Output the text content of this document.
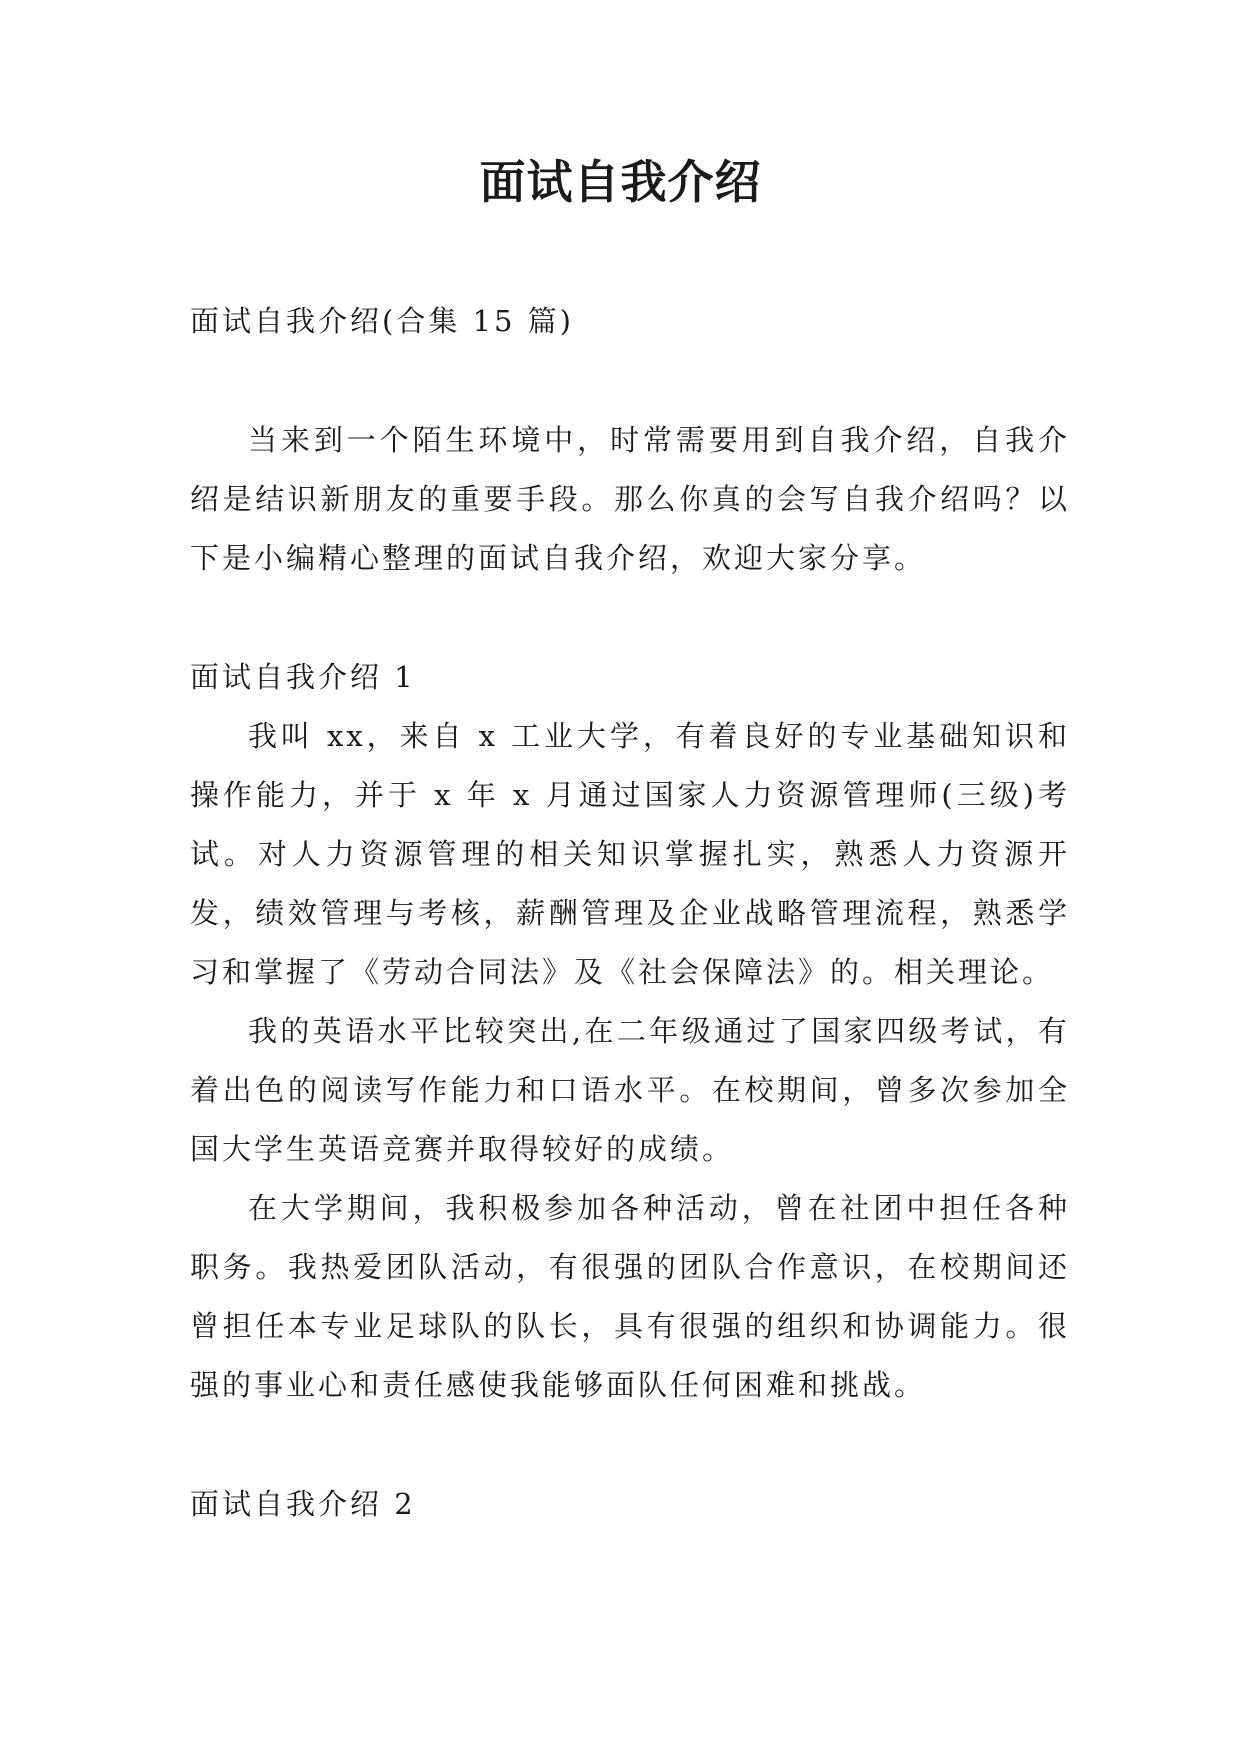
面试自我介绍

面试自我介绍(合集 15 篇)

当来到一个陌生环境中，时常需要用到自我介绍，自我介绍是结识新朋友的重要手段。那么你真的会写自我介绍吗？以下是小编精心整理的面试自我介绍，欢迎大家分享。

面试自我介绍 1

我叫 xx，来自 x 工业大学，有着良好的专业基础知识和操作能力，并于 x 年 x 月通过国家人力资源管理师(三级)考试。对人力资源管理的相关知识掌握扎实，熟悉人力资源开发，绩效管理与考核，薪酬管理及企业战略管理流程，熟悉学习和掌握了《劳动合同法》及《社会保障法》的。相关理论。

我的英语水平比较突出,在二年级通过了国家四级考试，有着出色的阅读写作能力和口语水平。在校期间，曾多次参加全国大学生英语竞赛并取得较好的成绩。

在大学期间，我积极参加各种活动，曾在社团中担任各种职务。我热爱团队活动，有很强的团队合作意识，在校期间还曾担任本专业足球队的队长，具有很强的组织和协调能力。很强的事业心和责任感使我能够面队任何困难和挑战。

面试自我介绍 2
